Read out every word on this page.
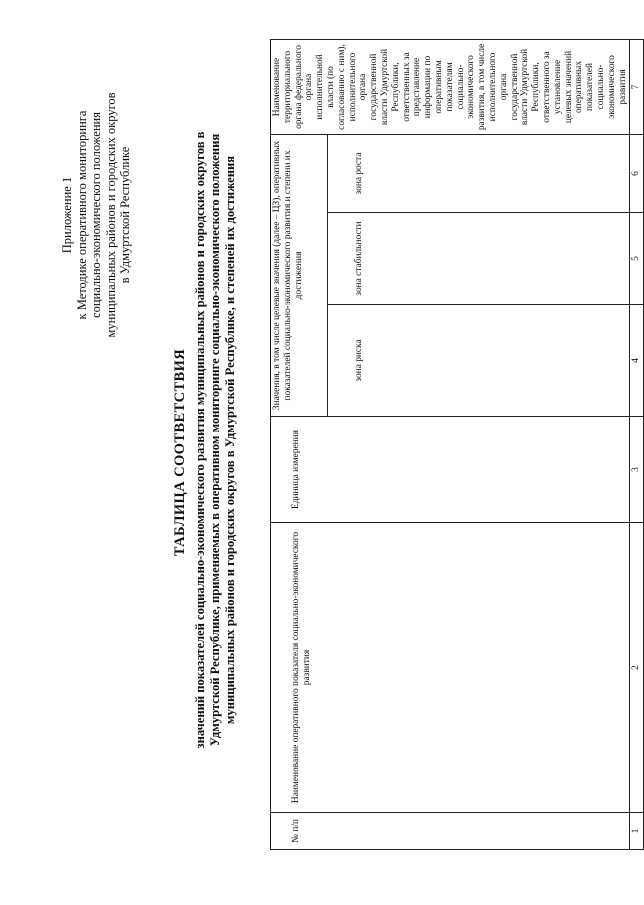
Приложение 1 к Методике оперативного мониторинга социально-экономического положения муниципальных районов и городских округов в Удмуртской Республике
ТАБЛИЦА СООТВЕТСТВИЯ значений показателей социально-экономического развития муниципальных районов и городских округов в Удмуртской Республике, применяемых в оперативном мониторинге социально-экономического положения муниципальных районов и городских округов в Удмуртской Республике, и степеней их достижения
№ п/п	Наименование оперативного показателя социально-экономического развития	Единица измерения	Значения, в том числе целевые значения (далее – ЦЗ), оперативных показателей социально-экономического развития и степени их достижения			Наименование территориального органа федерального органа исполнительной власти (по согласованию с ним), исполнительного органа государственной власти Удмуртской Республики, ответственных за представление информации по оперативным показателям социально-экономического развития, в том числе исполнительного органа государственной власти Удмуртской Республики, ответственного за установление целевых значений оперативных показателей социально-экономического развития
			зона риска	зона стабильности	зона роста	
1	2	3	4	5	6	7
